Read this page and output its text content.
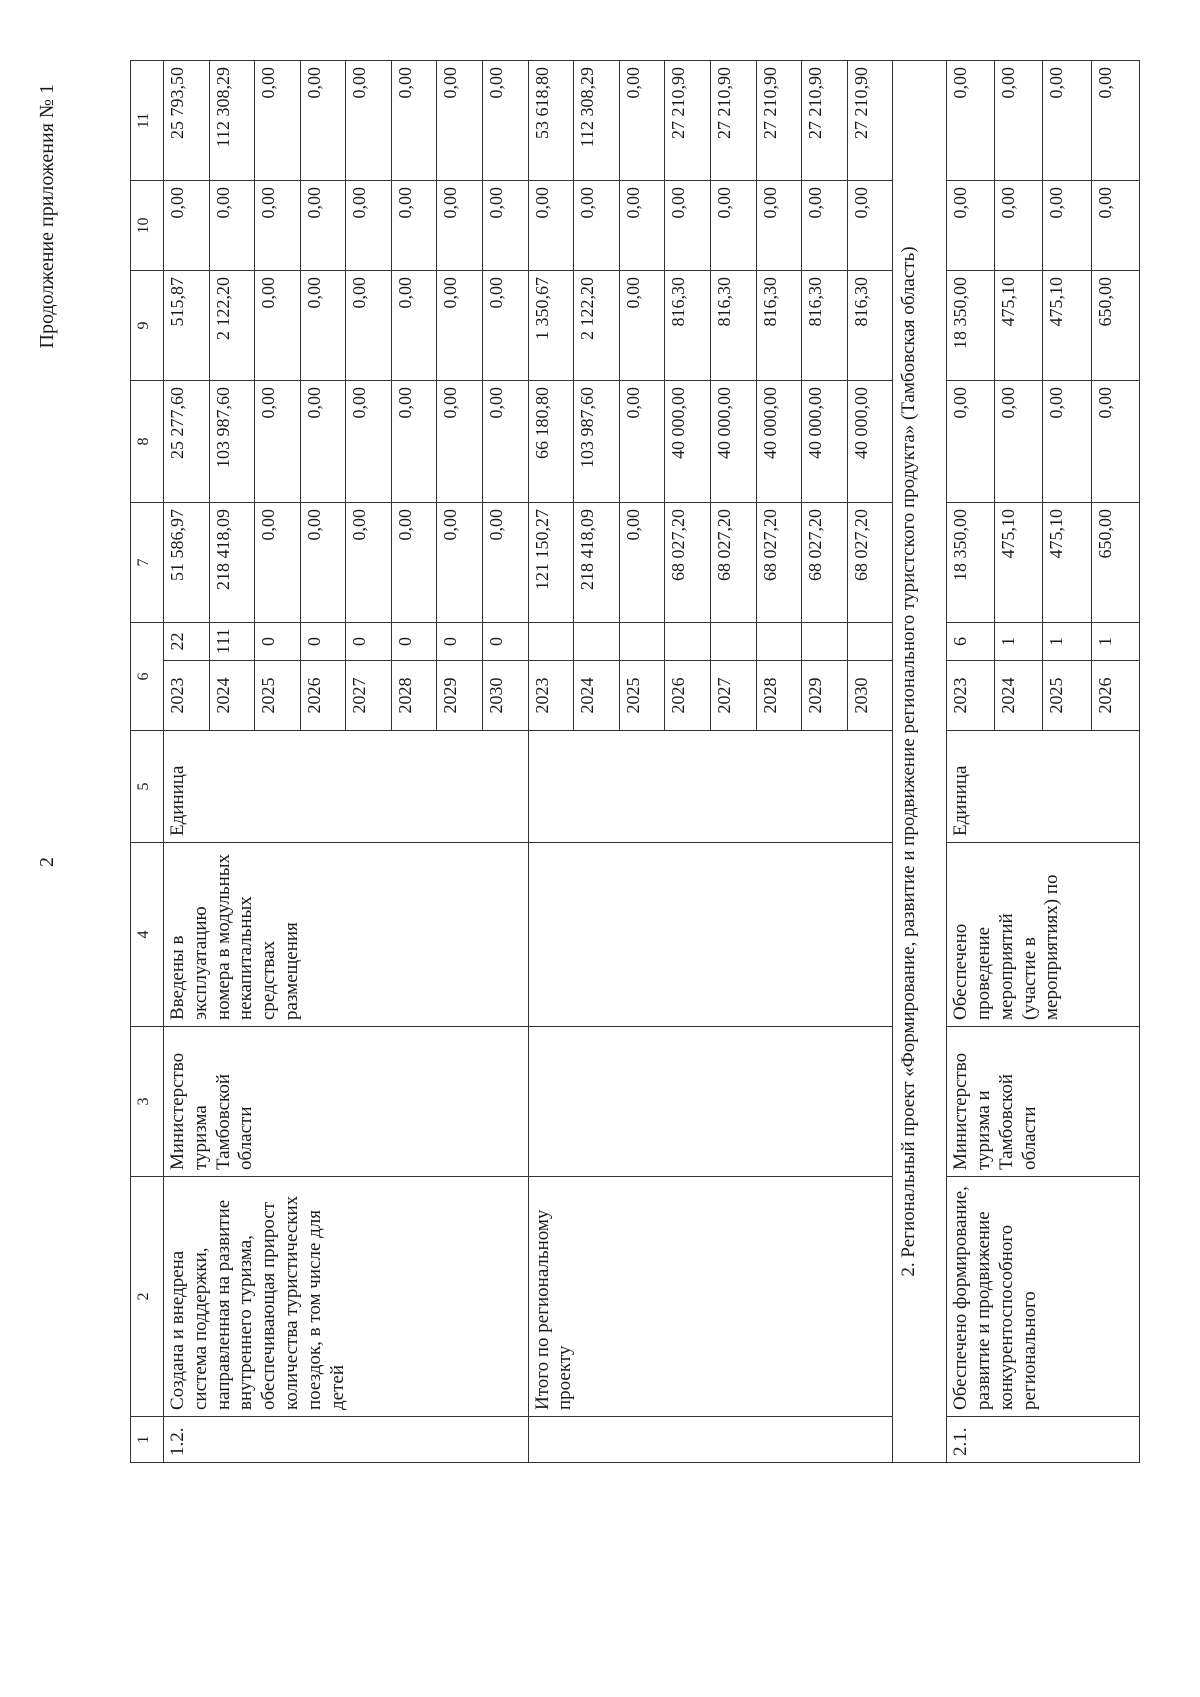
2
Продолжение приложения № 1
1	2	3	4	5	6		7	8	9	10	11
1.2.	Создана и внедрена система поддержки, направленная на развитие внутреннего туризма, обеспечивающая прирост количества туристических поездок, в том числе для детей	Министерство туризма Тамбовской области	Введены в эксплуатацию номера в модульных некапитальных средствах размещения	Единица	2023	22	51 586,97	25 277,60	515,87	0,00	25 793,50
					2024	111	218 418,09	103 987,60	2 122,20	0,00	112 308,29
					2025	0	0,00	0,00	0,00	0,00	0,00
					2026	0	0,00	0,00	0,00	0,00	0,00
					2027	0	0,00	0,00	0,00	0,00	0,00
					2028	0	0,00	0,00	0,00	0,00	0,00
					2029	0	0,00	0,00	0,00	0,00	0,00
					2030	0	0,00	0,00	0,00	0,00	0,00
	Итого по региональному проекту				2023		121 150,27	66 180,80	1 350,67	0,00	53 618,80
					2024		218 418,09	103 987,60	2 122,20	0,00	112 308,29
					2025		0,00	0,00	0,00	0,00	0,00
					2026		68 027,20	40 000,00	816,30	0,00	27 210,90
					2027		68 027,20	40 000,00	816,30	0,00	27 210,90
					2028		68 027,20	40 000,00	816,30	0,00	27 210,90
					2029		68 027,20	40 000,00	816,30	0,00	27 210,90
					2030		68 027,20	40 000,00	816,30	0,00	27 210,90
2. Региональный проект «Формирование, развитие и продвижение регионального туристского продукта» (Тамбовская область)											
2.1.	Обеспечено формирование, развитие и продвижение конкурентоспособного регионального	Министерство туризма и Тамбовской области	Обеспечено проведение мероприятий (участие в мероприятиях) по	Единица	2023	6	18 350,00	0,00	18 350,00	0,00	0,00
					2024	1	475,10	0,00	475,10	0,00	0,00
					2025	1	475,10	0,00	475,10	0,00	0,00
					2026	1	650,00	0,00	650,00	0,00	0,00
